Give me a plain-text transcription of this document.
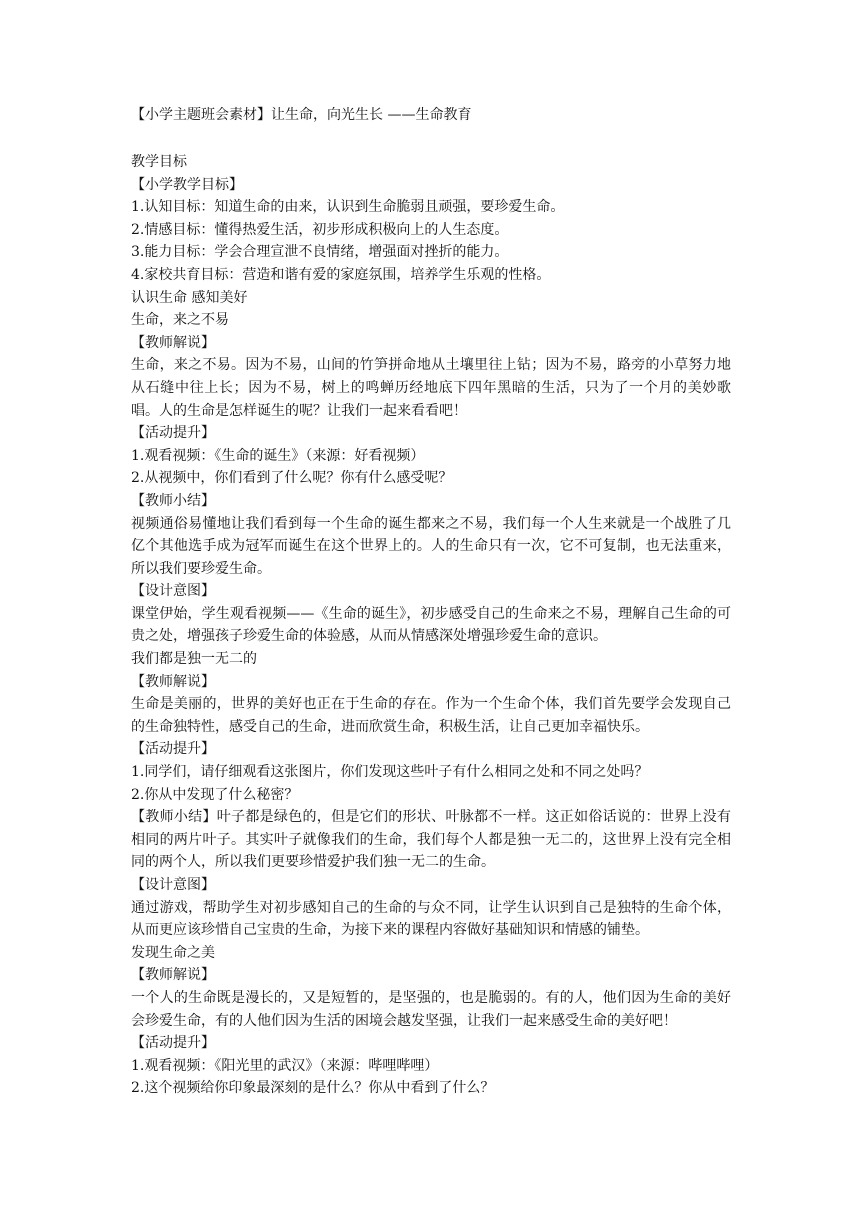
【小学主题班会素材】让生命，向光生长 ——生命教育

教学目标

【小学教学目标】

1.认知目标：知道生命的由来，认识到生命脆弱且顽强，要珍爱生命。

2.情感目标：懂得热爱生活，初步形成积极向上的人生态度。

3.能力目标：学会合理宣泄不良情绪，增强面对挫折的能力。

4.家校共育目标：营造和谐有爱的家庭氛围，培养学生乐观的性格。

认识生命 感知美好

生命，来之不易

【教师解说】

生命，来之不易。因为不易，山间的竹笋拼命地从土壤里往上钻；因为不易，路旁的小草努力地从石缝中往上长；因为不易，树上的鸣蝉历经地底下四年黑暗的生活，只为了一个月的美妙歌唱。人的生命是怎样诞生的呢？让我们一起来看看吧！

【活动提升】

1.观看视频：《生命的诞生》（来源：好看视频）

2.从视频中，你们看到了什么呢？你有什么感受呢？

【教师小结】

视频通俗易懂地让我们看到每一个生命的诞生都来之不易，我们每一个人生来就是一个战胜了几亿个其他选手成为冠军而诞生在这个世界上的。人的生命只有一次，它不可复制，也无法重来，所以我们要珍爱生命。

【设计意图】

课堂伊始，学生观看视频——《生命的诞生》，初步感受自己的生命来之不易，理解自己生命的可贵之处，增强孩子珍爱生命的体验感，从而从情感深处增强珍爱生命的意识。

我们都是独一无二的

【教师解说】

生命是美丽的，世界的美好也正在于生命的存在。作为一个生命个体，我们首先要学会发现自己的生命独特性，感受自己的生命，进而欣赏生命，积极生活，让自己更加幸福快乐。

【活动提升】

1.同学们，请仔细观看这张图片，你们发现这些叶子有什么相同之处和不同之处吗？

2.你从中发现了什么秘密？

【教师小结】叶子都是绿色的，但是它们的形状、叶脉都不一样。这正如俗话说的：世界上没有相同的两片叶子。其实叶子就像我们的生命，我们每个人都是独一无二的，这世界上没有完全相同的两个人，所以我们更要珍惜爱护我们独一无二的生命。

【设计意图】

通过游戏，帮助学生对初步感知自己的生命的与众不同，让学生认识到自己是独特的生命个体，从而更应该珍惜自己宝贵的生命，为接下来的课程内容做好基础知识和情感的铺垫。

发现生命之美

【教师解说】

一个人的生命既是漫长的，又是短暂的，是坚强的，也是脆弱的。有的人，他们因为生命的美好会珍爱生命，有的人他们因为生活的困境会越发坚强，让我们一起来感受生命的美好吧！

【活动提升】

1.观看视频：《阳光里的武汉》（来源：哔哩哔哩）

2.这个视频给你印象最深刻的是什么？你从中看到了什么？
